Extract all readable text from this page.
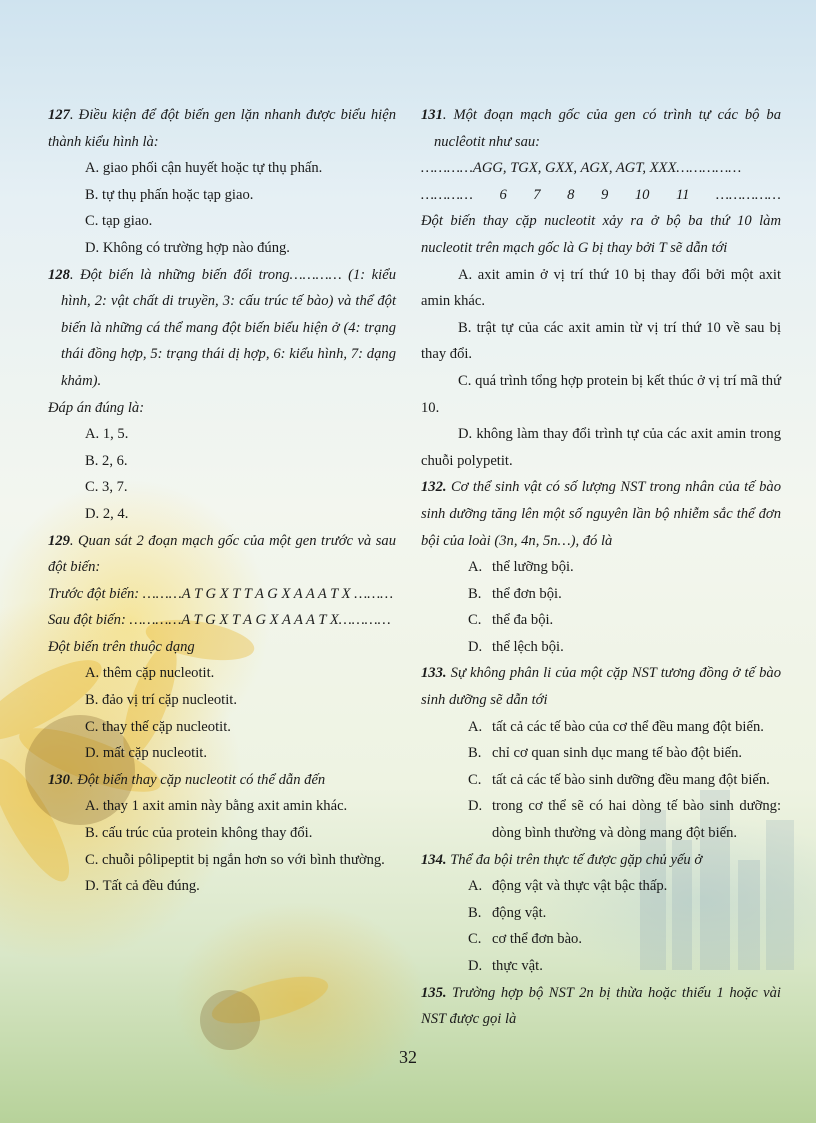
127. Điều kiện để đột biến gen lặn nhanh được biểu hiện thành kiểu hình là:

A. giao phối cận huyết hoặc tự thụ phấn.

B. tự thụ phấn hoặc tạp giao.

C. tạp giao.

D. Không có trường hợp nào đúng.

128. Đột biến là những biến đổi trong………… (1: kiểu hình, 2: vật chất di truyền, 3: cấu trúc tế bào) và thể đột biến là những cá thể mang đột biến biểu hiện ở (4: trạng thái đồng hợp, 5: trạng thái dị hợp, 6: kiểu hình, 7: dạng khảm).

Đáp án đúng là:

A. 1, 5.

B. 2, 6.

C. 3, 7.

D. 2, 4.

129. Quan sát 2 đoạn mạch gốc của một gen trước và sau đột biến:

Trước đột biến: ………A T G X T T A G X A A A T X ………

Sau đột biến: …………A T G X T A G X A A A T X…………

Đột biến trên thuộc dạng

A. thêm cặp nucleotit.

B. đảo vị trí cặp nucleotit.

C. thay thế cặp nucleotit.

D. mất cặp nucleotit.

130. Đột biến thay cặp nucleotit có thể dẫn đến

A. thay 1 axit amin này bằng axit amin khác.

B. cấu trúc của protein không thay đổi.

C. chuỗi pôlipeptit bị ngắn hơn so với bình thường.

D. Tất cả đều đúng.

131. Một đoạn mạch gốc của gen có trình tự các bộ ba nuclêotit như sau:

…………AGG, TGX, GXX, AGX, AGT, XXX……………

………… 6 7 8 9 10 11 ……………

Đột biến thay cặp nucleotit xảy ra ở bộ ba thứ 10 làm nucleotit trên mạch gốc là G bị thay bởi T sẽ dẫn tới

A. axit amin ở vị trí thứ 10 bị thay đổi bởi một axit amin khác.

B. trật tự của các axit amin từ vị trí thứ 10 về sau bị thay đổi.

C. quá trình tổng hợp protein bị kết thúc ở vị trí mã thứ 10.

D. không làm thay đổi trình tự của các axit amin trong chuỗi polypetit.

132. Cơ thể sinh vật có số lượng NST trong nhân của tế bào sinh dưỡng tăng lên một số nguyên lần bộ nhiễm sắc thể đơn bội của loài (3n, 4n, 5n…), đó là

A. thể lưỡng bội.
B. thể đơn bội.
C. thể đa bội.
D. thể lệch bội.

133. Sự không phân li của một cặp NST tương đồng ở tế bào sinh dưỡng sẽ dẫn tới

A. tất cả các tế bào của cơ thể đều mang đột biến.
B. chỉ cơ quan sinh dục mang tế bào đột biến.
C. tất cả các tế bào sinh dưỡng đều mang đột biến.
D. trong cơ thể sẽ có hai dòng tế bào sinh dưỡng: dòng bình thường và dòng mang đột biến.

134. Thể đa bội trên thực tế được gặp chủ yếu ở

A. động vật và thực vật bậc thấp.
B. động vật.
C. cơ thể đơn bào.
D. thực vật.

135. Trường hợp bộ NST 2n bị thừa hoặc thiếu 1 hoặc vài NST được gọi là

32
